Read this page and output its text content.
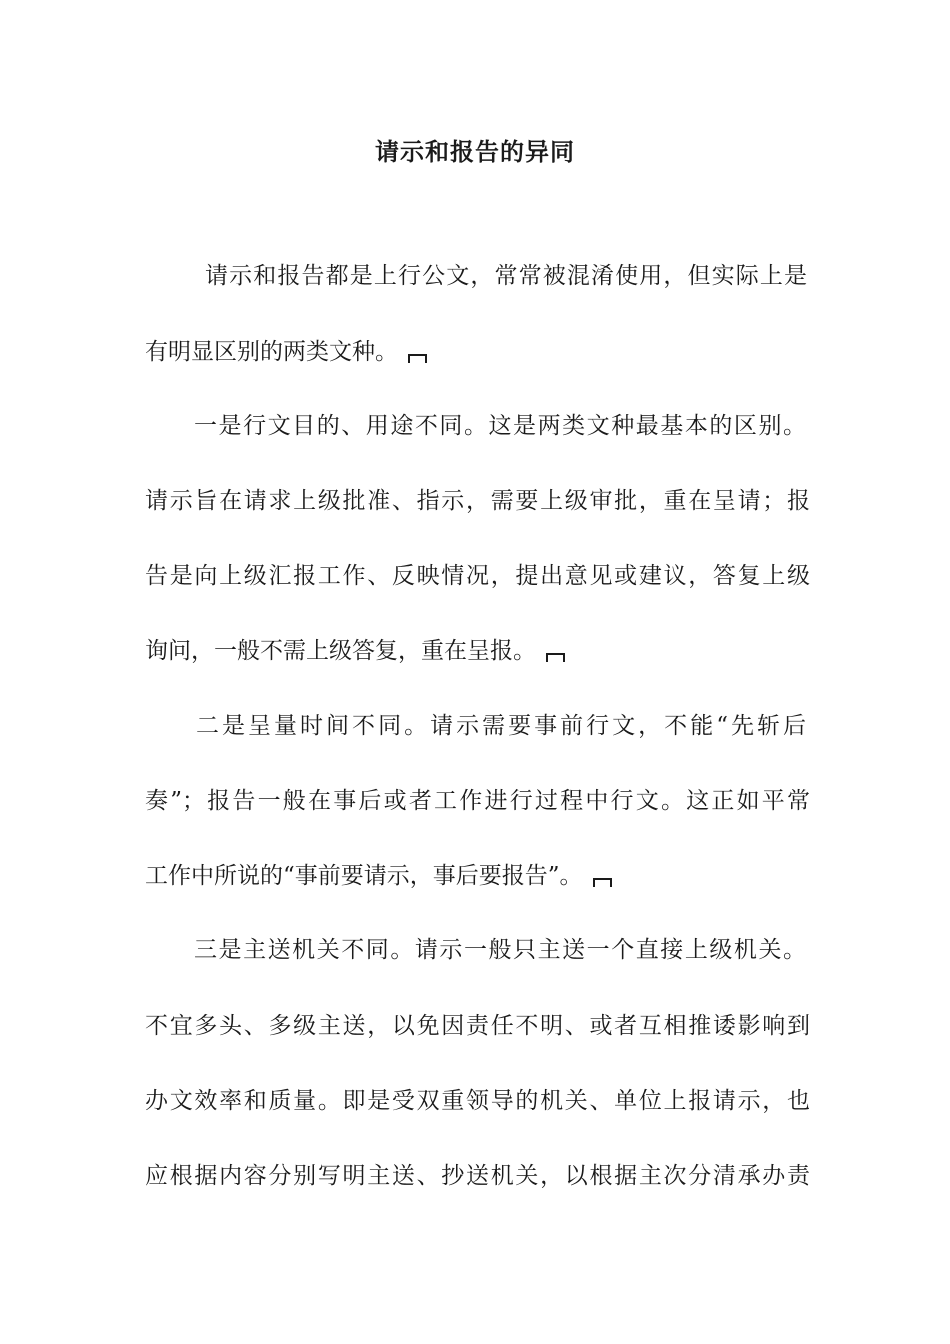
请示和报告的异同
请示和报告都是上行公文，常常被混淆使用，但实际上是
有明显区别的两类文种。
一是行文目的、用途不同。这是两类文种最基本的区别。
请示旨在请求上级批准、指示，需要上级审批，重在呈请；报
告是向上级汇报工作、反映情况，提出意见或建议，答复上级
询问，一般不需上级答复，重在呈报。
二是呈量时间不同。请示需要事前行文，不能“先斩后
奏”；报告一般在事后或者工作进行过程中行文。这正如平常
工作中所说的“事前要请示，事后要报告”。
三是主送机关不同。请示一般只主送一个直接上级机关。
不宜多头、多级主送，以免因责任不明、或者互相推诿影响到
办文效率和质量。即是受双重领导的机关、单位上报请示，也
应根据内容分别写明主送、抄送机关，以根据主次分清承办责
